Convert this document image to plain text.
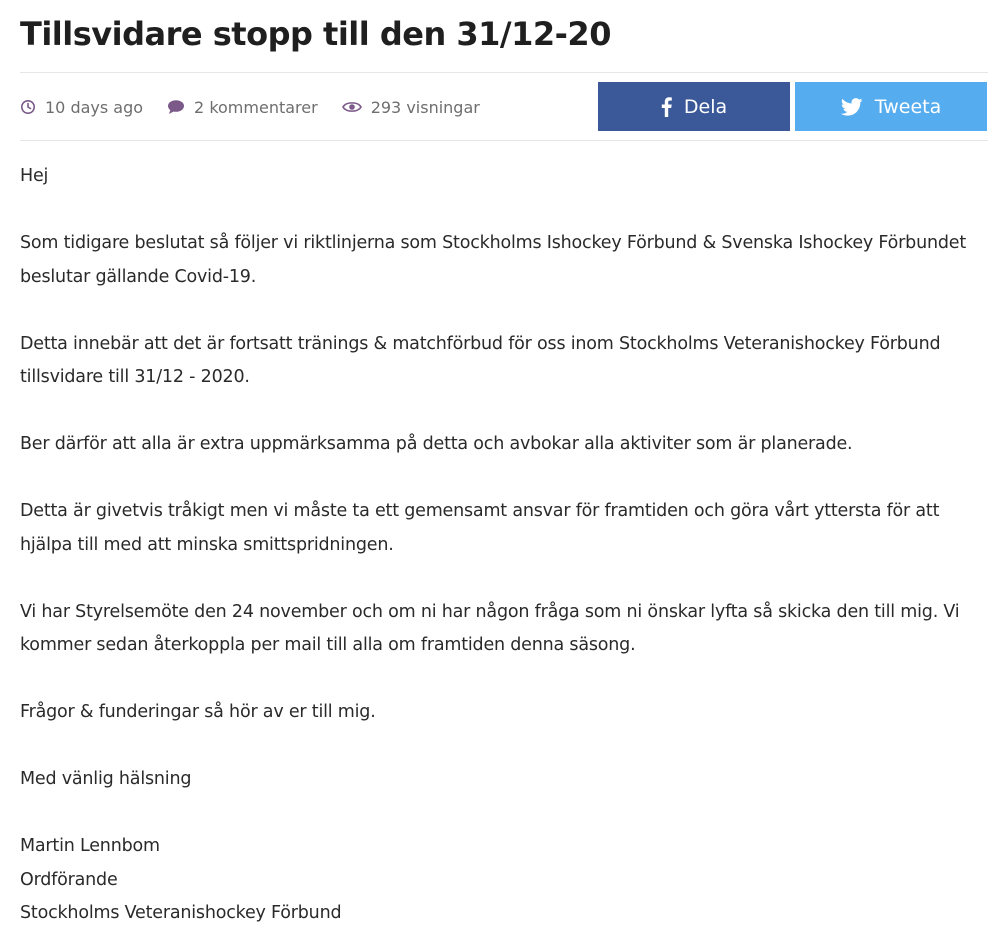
Tillsvidare stopp till den 31/12-20
10 days ago	2 kommentarer	293 visningar	Dela	Tweeta

Hej

Som tidigare beslutat så följer vi riktlinjerna som Stockholms Ishockey Förbund & Svenska Ishockey Förbundet beslutar gällande Covid-19.

Detta innebär att det är fortsatt tränings & matchförbud för oss inom Stockholms Veteranishockey Förbund tillsvidare till 31/12 - 2020.

Ber därför att alla är extra uppmärksamma på detta och avbokar alla aktiviter som är planerade.

Detta är givetvis tråkigt men vi måste ta ett gemensamt ansvar för framtiden och göra vårt yttersta för att hjälpa till med att minska smittspridningen.

Vi har Styrelsemöte den 24 november och om ni har någon fråga som ni önskar lyfta så skicka den till mig. Vi kommer sedan återkoppla per mail till alla om framtiden denna säsong.

Frågor & funderingar så hör av er till mig.

Med vänlig hälsning

Martin Lennbom

Ordförande

Stockholms Veteranishockey Förbund
